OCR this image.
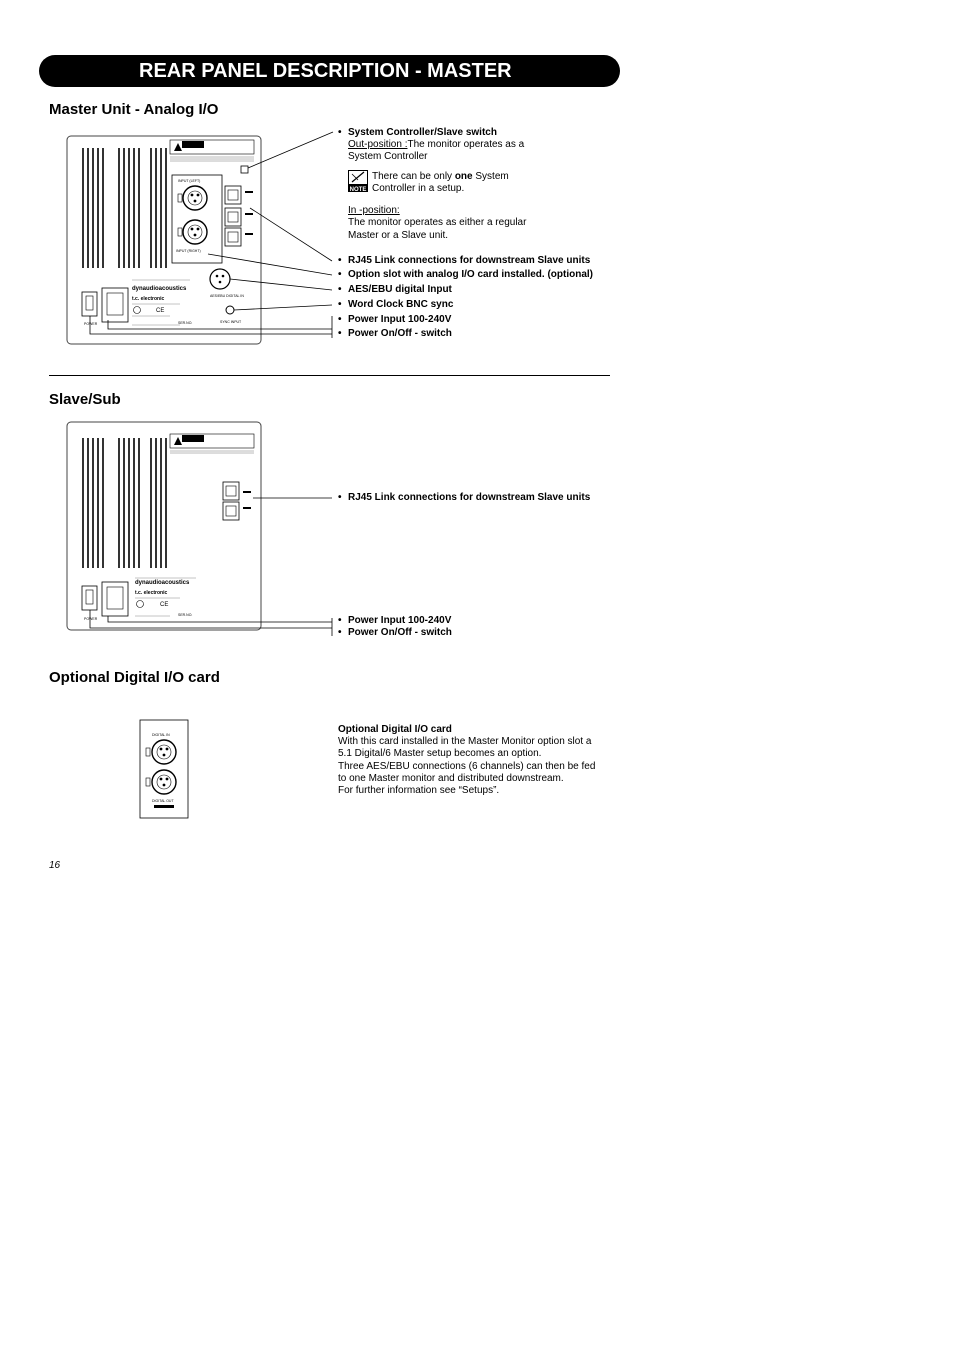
REAR PANEL DESCRIPTION - MASTER
Master Unit - Analog I/O
INPUT (LEFT)
INPUT (RIGHT)
AES/EBU DIGITAL IN
SYNC INPUT
dynaudioacoustics
t.c. electronic
CE
SER.NO.
POWER
• System Controller/Slave switch
Out-position :The monitor operates as a
System Controller
NOTE
There can be only one System
Controller in a setup.
In -position:
The monitor operates as either a regular
Master or a Slave unit.
• RJ45 Link connections for downstream Slave units
• Option slot with analog I/O card installed. (optional)
• AES/EBU digital Input
• Word Clock BNC sync
• Power Input 100-240V
• Power On/Off - switch
Slave/Sub
dynaudioacoustics
t.c. electronic
CE
SER.NO.
POWER
• RJ45 Link connections for downstream Slave units
• Power Input 100-240V
• Power On/Off - switch
Optional Digital I/O card
DIGITAL IN
DIGITAL OUT
Optional Digital I/O card
With this card installed in the Master Monitor option slot a
5.1 Digital/6 Master setup becomes an option.
Three AES/EBU connections (6 channels) can then be fed
to one Master monitor and distributed downstream.
For further information see “Setups”.
16
